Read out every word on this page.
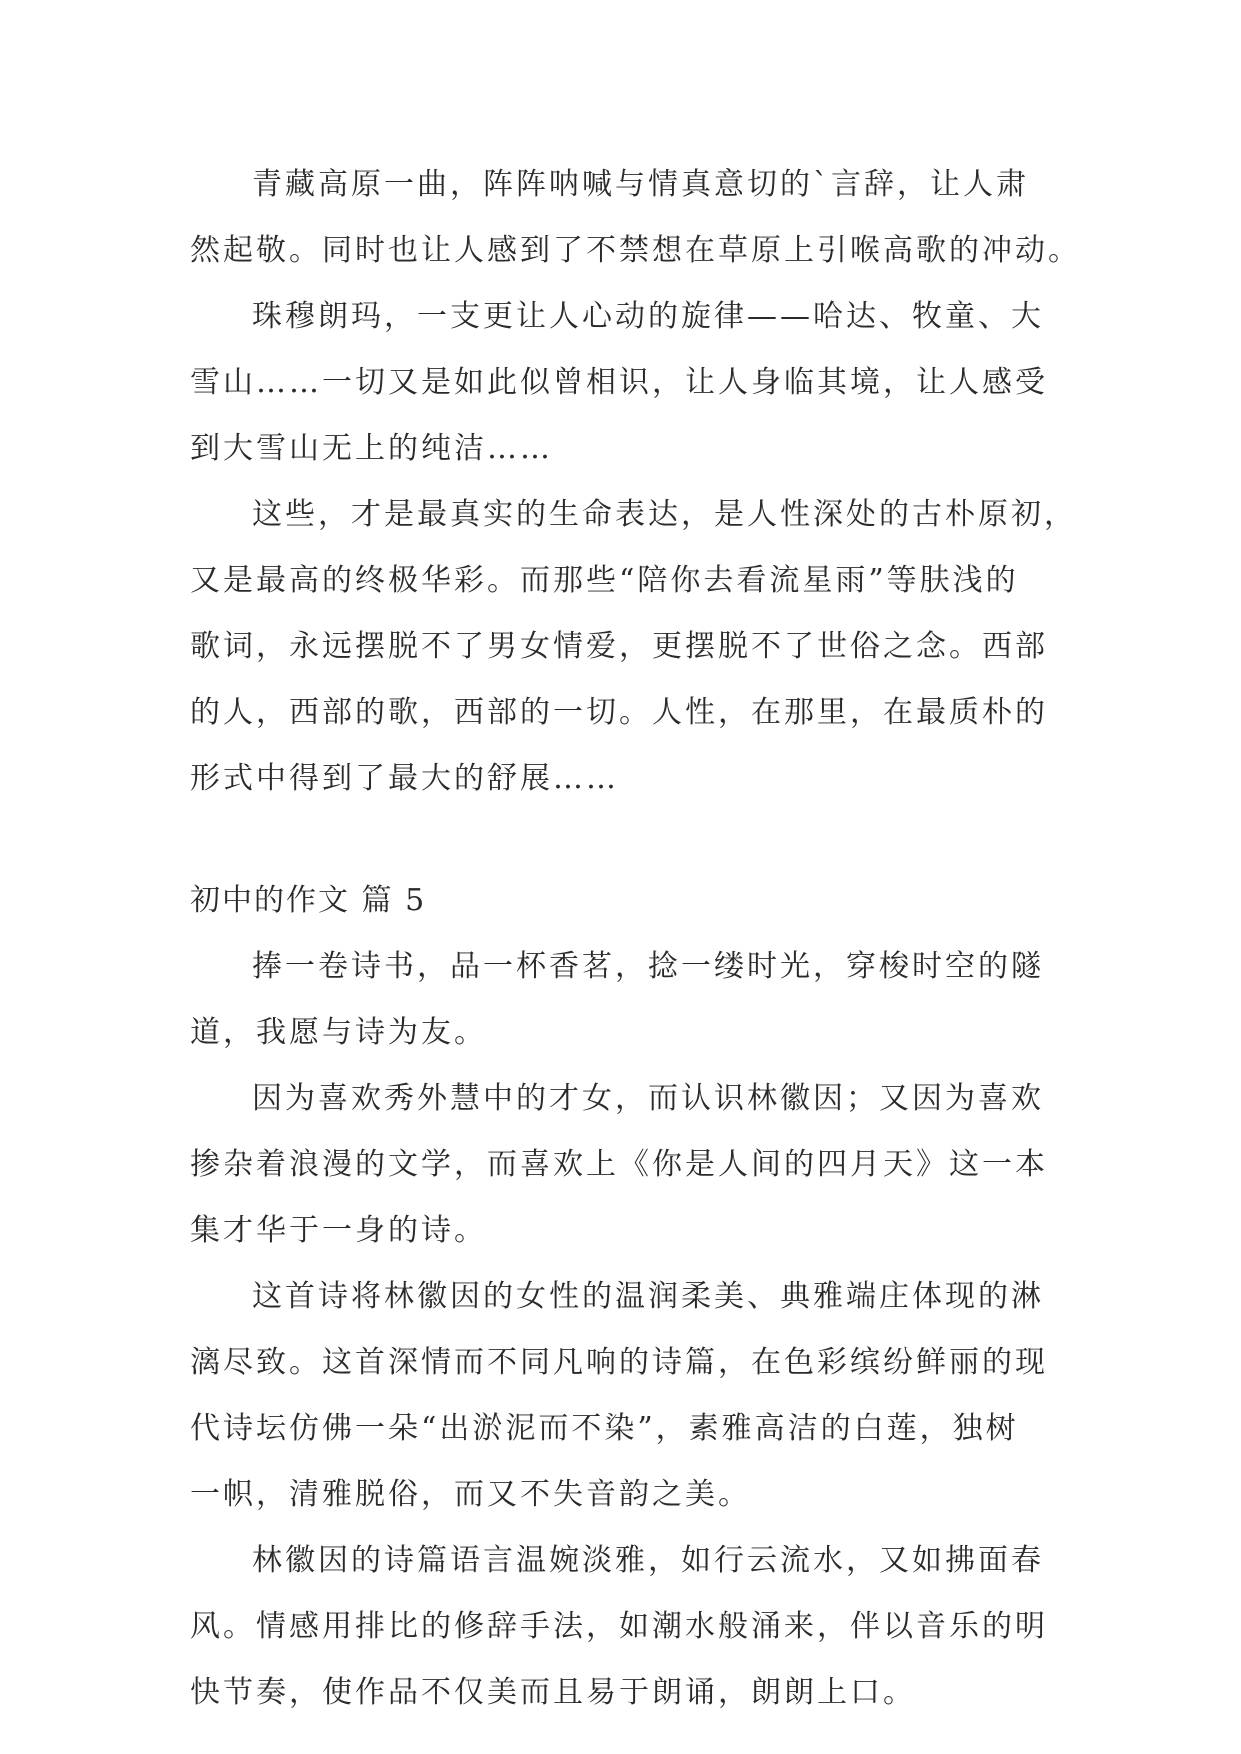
青藏高原一曲，阵阵呐喊与情真意切的`言辞，让人肃
然起敬。同时也让人感到了不禁想在草原上引喉高歌的冲动。
珠穆朗玛，一支更让人心动的旋律——哈达、牧童、大
雪山……一切又是如此似曾相识，让人身临其境，让人感受
到大雪山无上的纯洁……
这些，才是最真实的生命表达，是人性深处的古朴原初，
又是最高的终极华彩。而那些“陪你去看流星雨”等肤浅的
歌词，永远摆脱不了男女情爱，更摆脱不了世俗之念。西部
的人，西部的歌，西部的一切。人性，在那里，在最质朴的
形式中得到了最大的舒展……
初中的作文 篇 5
捧一卷诗书，品一杯香茗，捻一缕时光，穿梭时空的隧
道，我愿与诗为友。
因为喜欢秀外慧中的才女，而认识林徽因；又因为喜欢
掺杂着浪漫的文学，而喜欢上《你是人间的四月天》这一本
集才华于一身的诗。
这首诗将林徽因的女性的温润柔美、典雅端庄体现的淋
漓尽致。这首深情而不同凡响的诗篇，在色彩缤纷鲜丽的现
代诗坛仿佛一朵“出淤泥而不染”，素雅高洁的白莲，独树
一帜，清雅脱俗，而又不失音韵之美。
林徽因的诗篇语言温婉淡雅，如行云流水，又如拂面春
风。情感用排比的修辞手法，如潮水般涌来，伴以音乐的明
快节奏，使作品不仅美而且易于朗诵，朗朗上口。
